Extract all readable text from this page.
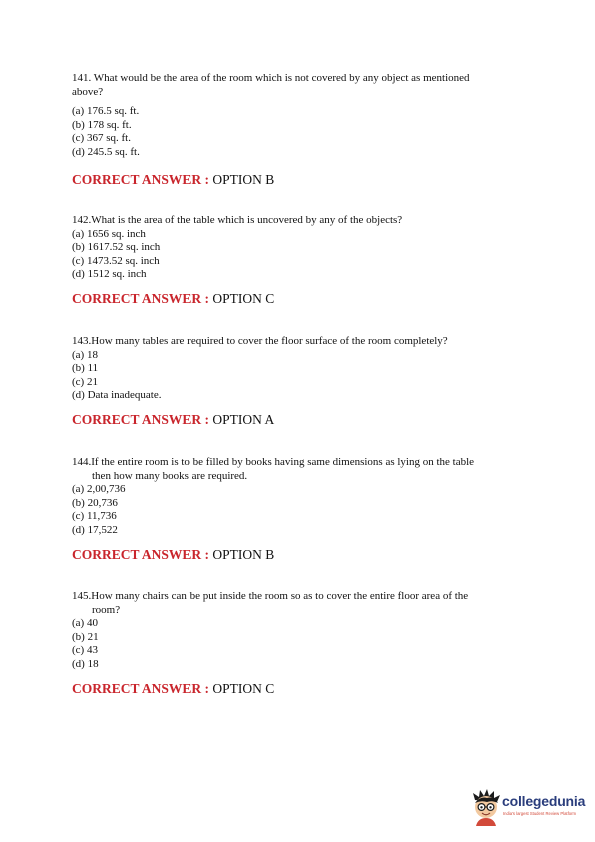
141. What would be the area of the room which is not covered by any object as mentioned
above?

(a) 176.5 sq. ft.
(b) 178 sq. ft.
(c) 367 sq. ft.
(d) 245.5 sq. ft.
CORRECT ANSWER : OPTION B

142.What is the area of the table which is uncovered by any of the objects?

(a) 1656 sq. inch
(b) 1617.52 sq. inch
(c) 1473.52 sq. inch
(d) 1512 sq. inch
CORRECT ANSWER : OPTION C

143.How many tables are required to cover the floor surface of the room completely?

(a) 18
(b) 11
(c) 21
(d) Data inadequate.
CORRECT ANSWER : OPTION A

144.If the entire room is to be filled by books having same dimensions as lying on the table
then how many books are required.

(a) 2,00,736
(b) 20,736
(c) 11,736
(d) 17,522
CORRECT ANSWER : OPTION B

145.How many chairs can be put inside the room so as to cover the entire floor area of the
room?

(a) 40
(b) 21
(c) 43
(d) 18
CORRECT ANSWER : OPTION C
collegedunia
India's largest Student Review Platform
